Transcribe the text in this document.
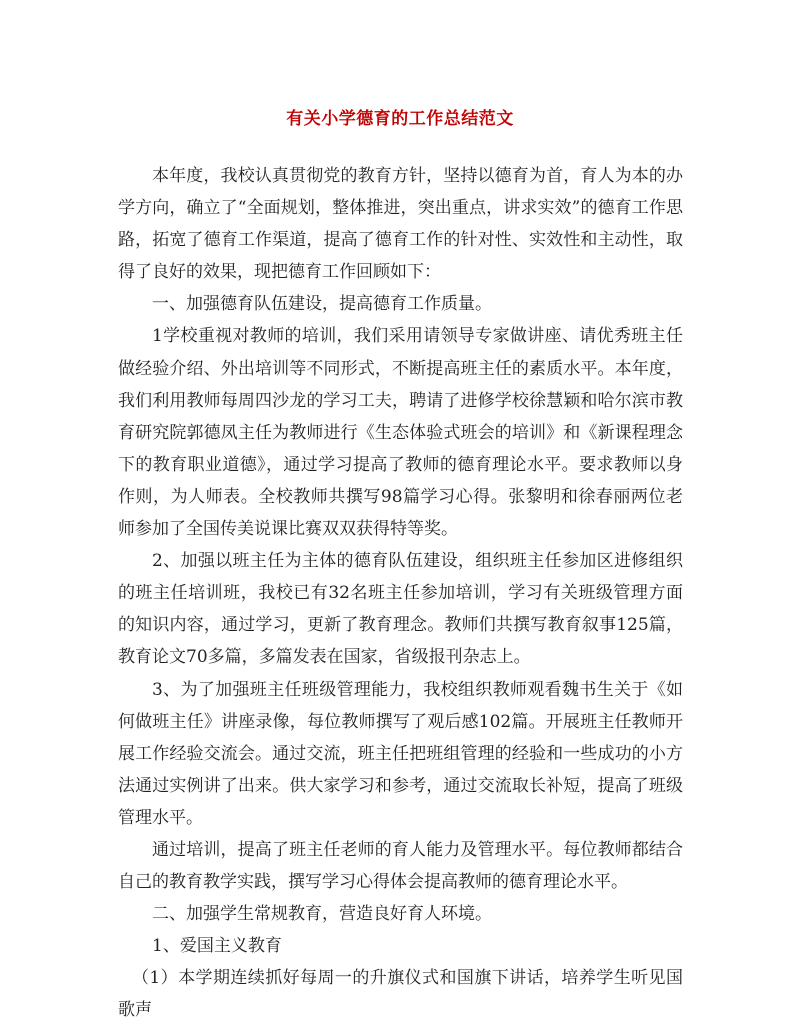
有关小学德育的工作总结范文

本年度，我校认真贯彻党的教育方针，坚持以德育为首，育人为本的办学方向，确立了“全面规划，整体推进，突出重点，讲求实效”的德育工作思路，拓宽了德育工作渠道，提高了德育工作的针对性、实效性和主动性，取得了良好的效果，现把德育工作回顾如下：

一、加强德育队伍建设，提高德育工作质量。

1学校重视对教师的培训，我们采用请领导专家做讲座、请优秀班主任做经验介绍、外出培训等不同形式，不断提高班主任的素质水平。本年度，我们利用教师每周四沙龙的学习工夫，聘请了进修学校徐慧颖和哈尔滨市教育研究院郭德凤主任为教师进行《生态体验式班会的培训》和《新课程理念下的教育职业道德》，通过学习提高了教师的德育理论水平。要求教师以身作则，为人师表。全校教师共撰写98篇学习心得。张黎明和徐春丽两位老师参加了全国传美说课比赛双双获得特等奖。

2、加强以班主任为主体的德育队伍建设，组织班主任参加区进修组织的班主任培训班，我校已有32名班主任参加培训，学习有关班级管理方面的知识内容，通过学习，更新了教育理念。教师们共撰写教育叙事125篇，教育论文70多篇，多篇发表在国家，省级报刊杂志上。

3、为了加强班主任班级管理能力，我校组织教师观看魏书生关于《如何做班主任》讲座录像，每位教师撰写了观后感102篇。开展班主任教师开展工作经验交流会。通过交流，班主任把班组管理的经验和一些成功的小方法通过实例讲了出来。供大家学习和参考，通过交流取长补短，提高了班级管理水平。

通过培训，提高了班主任老师的育人能力及管理水平。每位教师都结合自己的教育教学实践，撰写学习心得体会提高教师的德育理论水平。

二、加强学生常规教育，营造良好育人环境。

1、爱国主义教育

（1）本学期连续抓好每周一的升旗仪式和国旗下讲话，培养学生听见国歌声
